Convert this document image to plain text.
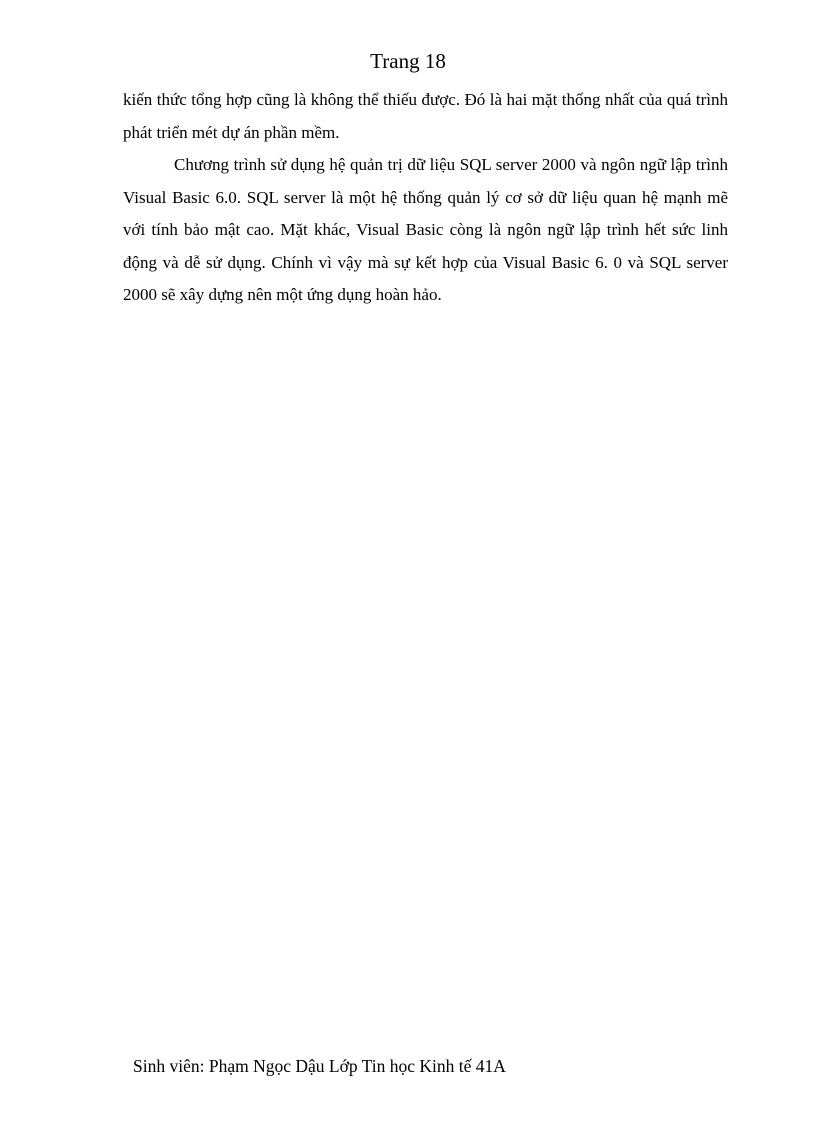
Trang 18

kiến thức tổng hợp cũng là không thể thiếu được. Đó là hai mặt thống nhất của quá trình phát triển mét dự án phần mềm.

Chương trình sử dụng hệ quản trị dữ liệu SQL server 2000 và ngôn ngữ lập trình Visual Basic 6.0. SQL server là một hệ thống quản lý cơ sở dữ liệu quan hệ mạnh mẽ với tính bảo mật cao. Mặt khác, Visual Basic còng là ngôn ngữ lập trình hết sức linh động và dễ sử dụng. Chính vì vậy mà sự kết hợp của Visual Basic 6. 0 và SQL server 2000 sẽ xây dựng nên một ứng dụng hoàn hảo.

Sinh viên: Phạm Ngọc Dậu Lớp Tin học Kinh tế 41A
